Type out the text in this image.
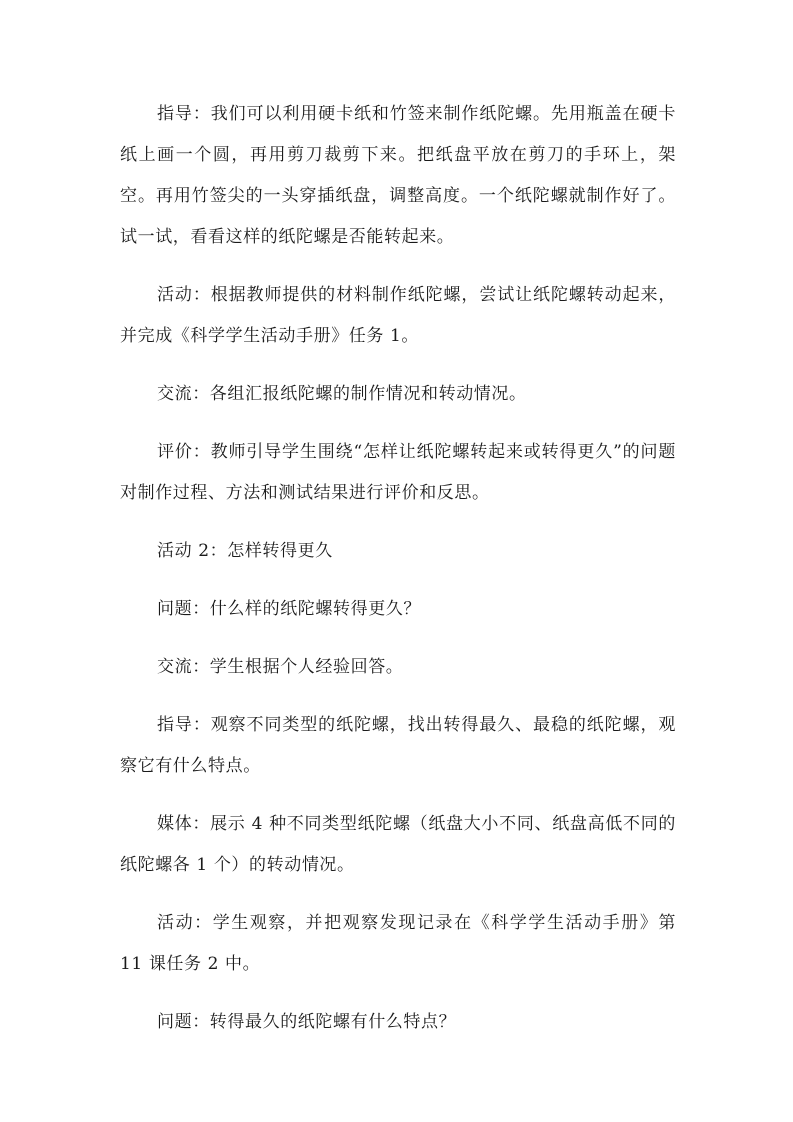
指导：我们可以利用硬卡纸和竹签来制作纸陀螺。先用瓶盖在硬卡纸上画一个圆，再用剪刀裁剪下来。把纸盘平放在剪刀的手环上，架空。再用竹签尖的一头穿插纸盘，调整高度。一个纸陀螺就制作好了。试一试，看看这样的纸陀螺是否能转起来。

活动：根据教师提供的材料制作纸陀螺，尝试让纸陀螺转动起来，并完成《科学学生活动手册》任务 1。

交流：各组汇报纸陀螺的制作情况和转动情况。

评价：教师引导学生围绕“怎样让纸陀螺转起来或转得更久”的问题对制作过程、方法和测试结果进行评价和反思。

活动 2：怎样转得更久

问题：什么样的纸陀螺转得更久？

交流：学生根据个人经验回答。

指导：观察不同类型的纸陀螺，找出转得最久、最稳的纸陀螺，观察它有什么特点。

媒体：展示 4 种不同类型纸陀螺（纸盘大小不同、纸盘高低不同的纸陀螺各 1 个）的转动情况。

活动：学生观察，并把观察发现记录在《科学学生活动手册》第 11 课任务 2 中。

问题：转得最久的纸陀螺有什么特点？
